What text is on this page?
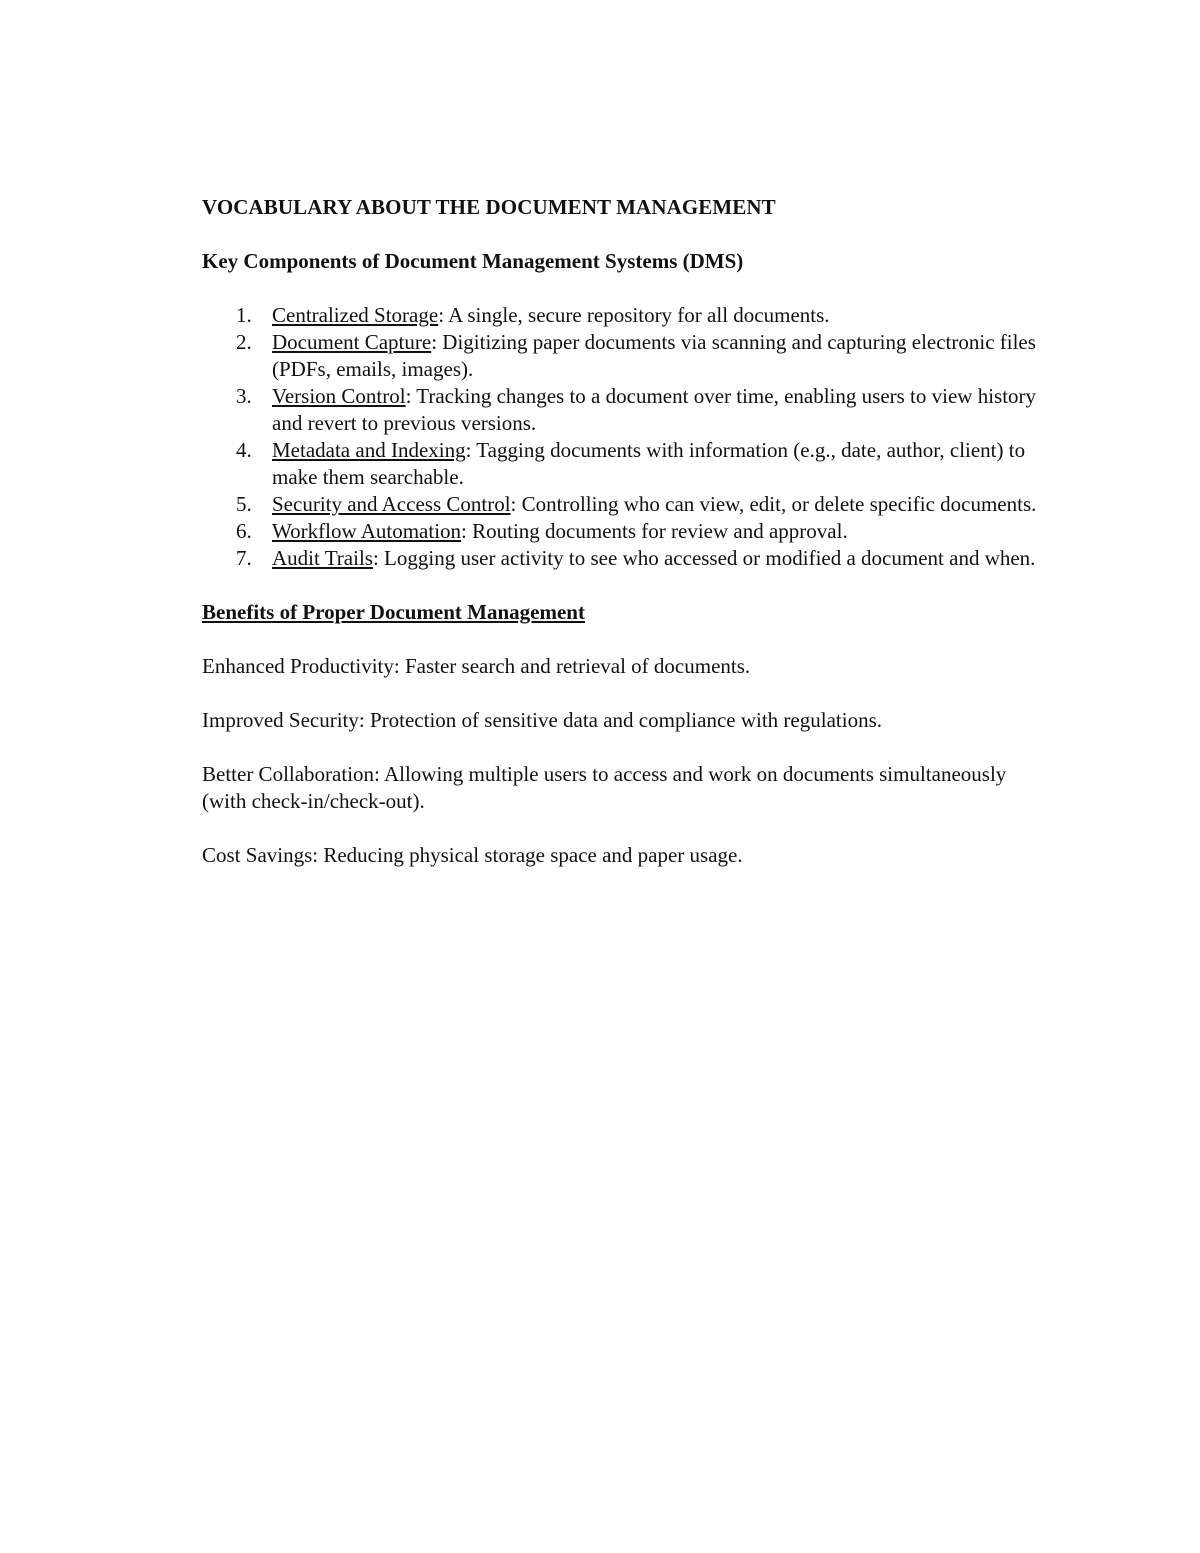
VOCABULARY ABOUT THE DOCUMENT MANAGEMENT

Key Components of Document Management Systems (DMS)

1. Centralized Storage: A single, secure repository for all documents.
2. Document Capture: Digitizing paper documents via scanning and capturing electronic files (PDFs, emails, images).
3. Version Control: Tracking changes to a document over time, enabling users to view history and revert to previous versions.
4. Metadata and Indexing: Tagging documents with information (e.g., date, author, client) to make them searchable.
5. Security and Access Control: Controlling who can view, edit, or delete specific documents.
6. Workflow Automation: Routing documents for review and approval.
7. Audit Trails: Logging user activity to see who accessed or modified a document and when.

Benefits of Proper Document Management

Enhanced Productivity: Faster search and retrieval of documents.

Improved Security: Protection of sensitive data and compliance with regulations.

Better Collaboration: Allowing multiple users to access and work on documents simultaneously (with check-in/check-out).

Cost Savings: Reducing physical storage space and paper usage.
